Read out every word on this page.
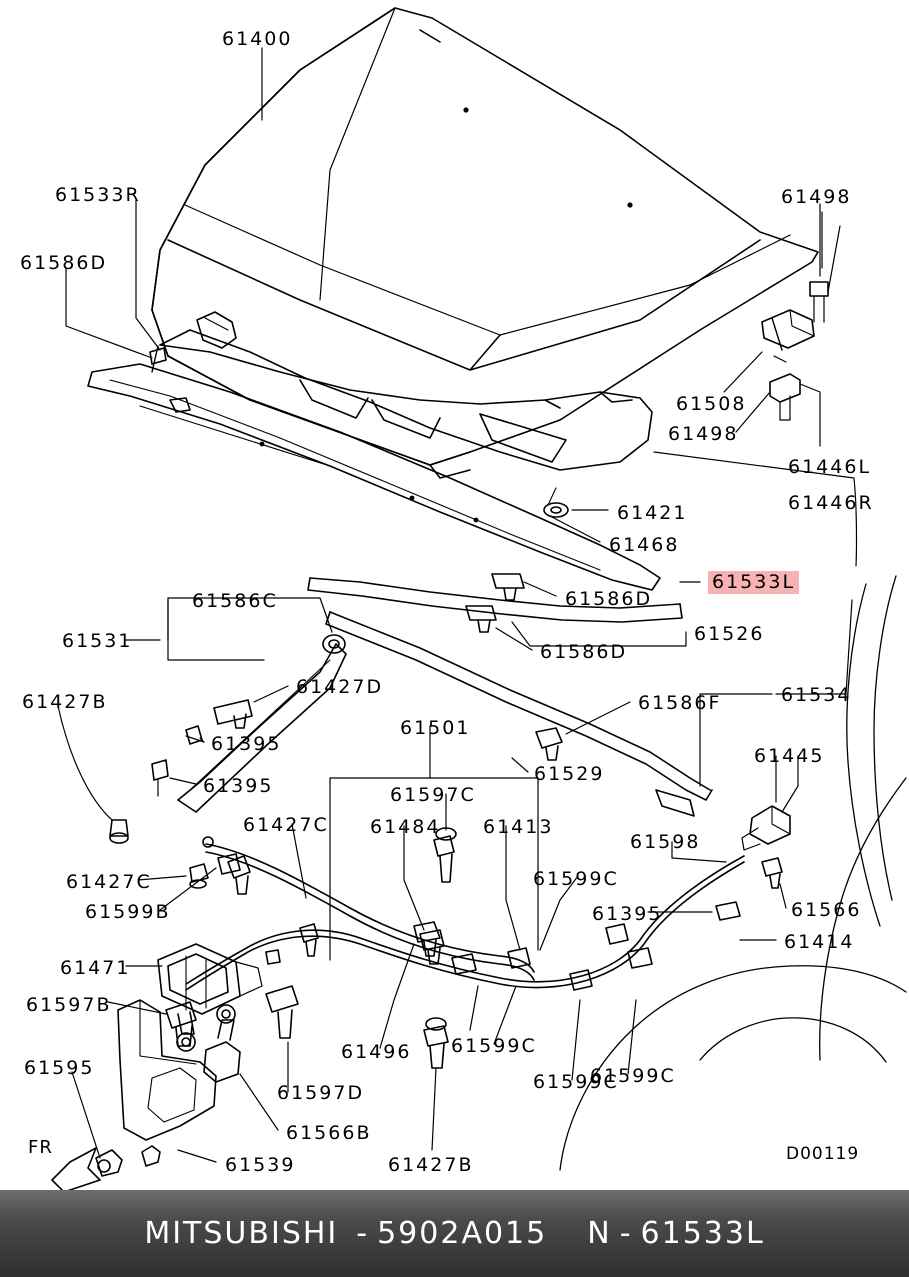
61400
61533R
61586D
61498
61508
61498
61446L
61446R
61421
61468
61586D
61533L
61586C
61526
61586D
61531
61427D
61586F	61534
61427B
61395
61501
61445
61395	61597C
61529
61427C 61484 61413
61598
61599C
61427C
61599B	61395	61566
61414
61471
61597B
61496 61599C
61599C
61595
61597D	61599C
61566B
61539	61427B
FR	D00119
MITSUBISHI - 5902A015 N - 61533L
